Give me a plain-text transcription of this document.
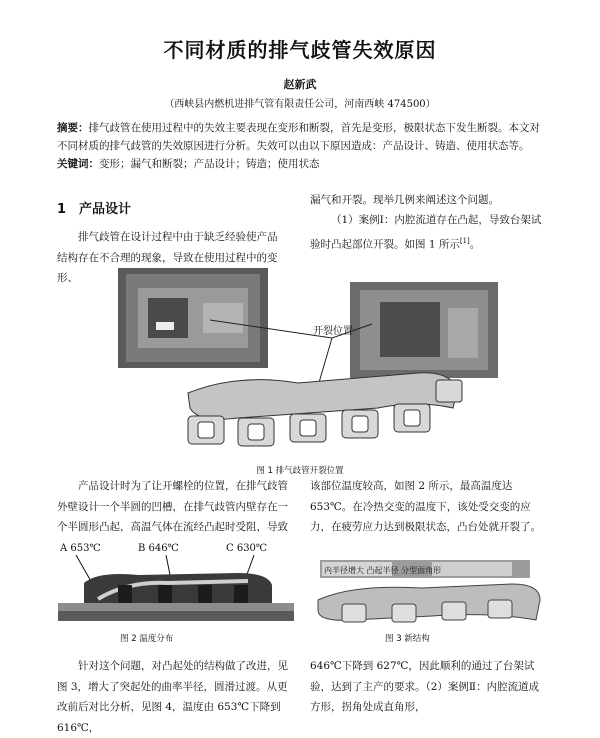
不同材质的排气歧管失效原因
赵新武
（西峡县内燃机进排气管有限责任公司，河南西峡 474500）
摘要：排气歧管在使用过程中的失效主要表现在变形和断裂，首先是变形，极限状态下发生断裂。本文对不同材质的排气歧管的失效原因进行分析。失效可以由以下原因造成：产品设计、铸造、使用状态等。
关键词：变形；漏气和断裂；产品设计；铸造；使用状态
1　产品设计
排气歧管在设计过程中由于缺乏经验使产品结构存在不合理的现象，导致在使用过程中的变形、
漏气和开裂。现举几例来阐述这个问题。
（1）案例Ⅰ：内腔流道存在凸起，导致台架试验时凸起部位开裂。如图 1 所示[1]。
开裂位置
图 1 排气歧管开裂位置
产品设计时为了让开螺栓的位置，在排气歧管外壁设计一个半圆的凹槽，在排气歧管内壁存在一个半圆形凸起，高温气体在流经凸起时受阻，导致
该部位温度较高，如图 2 所示，最高温度达 653℃。在冷热交变的温度下，该处受交变的应力，在疲劳应力达到极限状态，凸台处就开裂了。
A 653℃	B 646℃	C 630℃
图 2 温度分布
内半径增大 凸起半径 分型面角形
图 3 新结构
针对这个问题，对凸起处的结构做了改进，见图 3，增大了突起处的曲率半径，圆滑过渡。从更改前后对比分析，见图 4，温度由 653℃下降到 616℃，
646℃下降到 627℃，因此顺利的通过了台架试验，达到了主产的要求。（2）案例Ⅱ：内腔流道成方形，拐角处成直角形，
